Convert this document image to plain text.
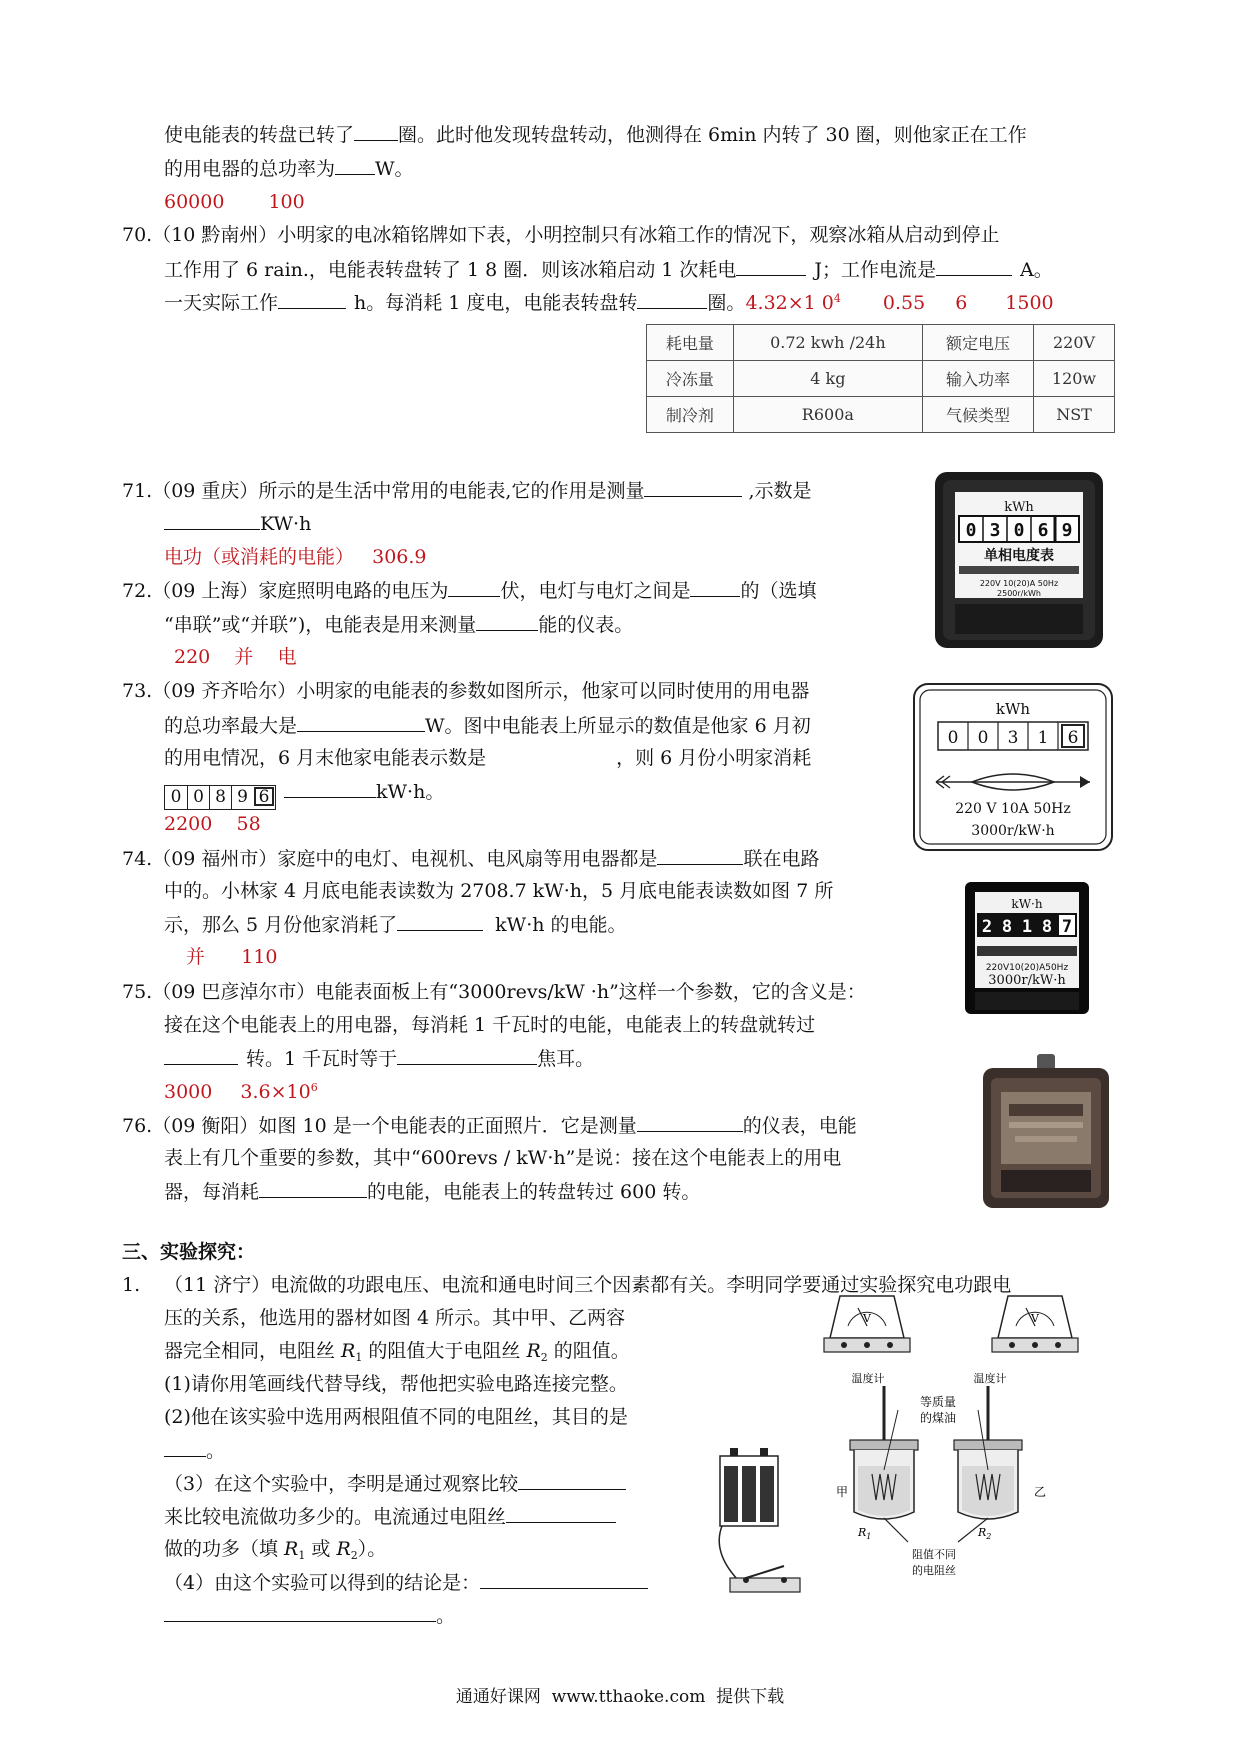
使电能表的转盘已转了 圈。此时他发现转盘转动，他测得在 6min 内转了 30 圈，则他家正在工作
的用电器的总功率为 W。
60000 100
70.（10 黔南州）小明家的电冰箱铭牌如下表，小明控制只有冰箱工作的情况下，观察冰箱从启动到停止
工作用了 6 rain.，电能表转盘转了 1 8 圈．则该冰箱启动 1 次耗电	J；工作电流是	A。
一天实际工作	h。每消耗 1 度电，电能表转盘转	圈。4.32×1 $0^4$ 0.55 6 1500
耗电量	0.72 kwh /24h	额定电压	220V
冷冻量	4 kg	输入功率	120w
制冷剂	R600a	气候类型	NST
71.（09 重庆）所示的是生活中常用的电能表,它的作用是测量	,示数是
KW·h
电功（或消耗的电能）   306.9
kWh
0 3 0 6 9
单相电度表
220V 10(20)A 50Hz
2500r/kWh
72.（09 上海）家庭照明电路的电压为	伏，电灯与电灯之间是	的（选填
“串联”或“并联”)，电能表是用来测量	能的仪表。
220    并    电
73.（09 齐齐哈尔）小明家的电能表的参数如图所示，他家可以同时使用的用电器
的总功率最大是	W。图中电能表上所显示的数值是他家 6 月初
的用电情况，6 月末他家电能表示数是	，则 6 月份小明家消耗
0 0 8 9 6	kW·h。
2200    58
kWh
0 0 3 1 6
220 V 10A 50Hz
3000r/kW·h
74.（09 福州市）家庭中的电灯、电视机、电风扇等用电器都是	联在电路
中的。小林家 4 月底电能表读数为 2708.7 kW·h，5 月底电能表读数如图 7 所
示，那么 5 月份他家消耗了	kW·h 的电能。
并      110
kW·h
2 8 1 8 7
220V10(20)A50Hz
3000r/kW·h
75.（09 巴彦淖尔市）电能表面板上有“3000revs/kW ·h”这样一个参数，它的含义是：
接在这个电能表上的用电器，每消耗 1 千瓦时的电能，电能表上的转盘就转过
转。1 千瓦时等于	焦耳。
3000 $3.6\times 10^6$
76.（09 衡阳）如图 10 是一个电能表的正面照片．它是测量	的仪表，电能
表上有几个重要的参数，其中“600revs / kW·h”是说：接在这个电能表上的用电
器，每消耗	的电能，电能表上的转盘转过 600 转。
三、实验探究：
1. （11 济宁）电流做的功跟电压、电流和通电时间三个因素都有关。李明同学要通过实验探究电功跟电
压的关系，他选用的器材如图 4 所示。其中甲、乙两容
器完全相同，电阻丝 $R_1$ 的阻值大于电阻丝 $R_2$ 的阻值。
(1)请你用笔画线代替导线，帮他把实验电路连接完整。
(2)他在该实验中选用两根阻值不同的电阻丝，其目的是
。
（3）在这个实验中，李明是通过观察比较
来比较电流做功多少的。电流通过电阻丝
做的功多（填 $R_1$ 或 $R_2$）。
（4）由这个实验可以得到的结论是：
。
V	V
温度计	温度计
等质量
的煤油
甲	乙
$R_1$	$R_2$
阻值不同
的电阻丝
通通好课网  www.tthaoke.com  提供下载
